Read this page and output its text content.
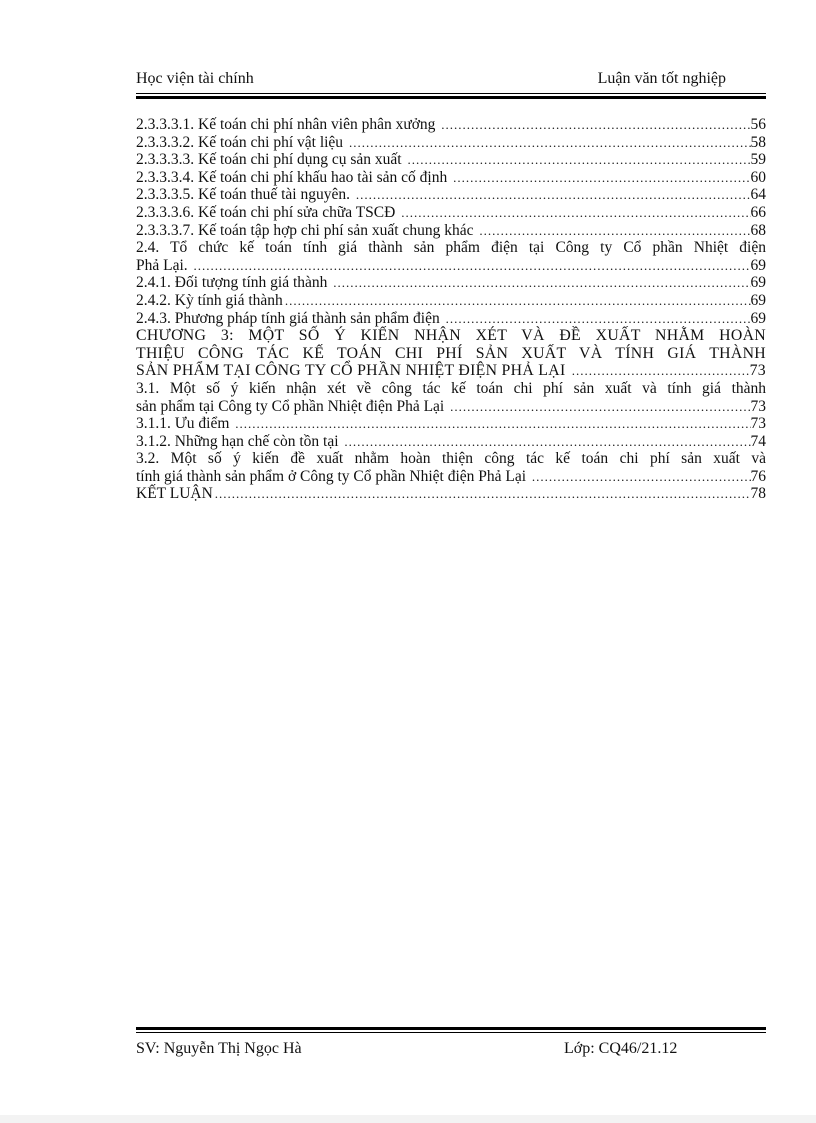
Học viện tài chính	Luận văn tốt nghiệp
2.3.3.3.1. Kế toán chi phí nhân viên phân xưởng .....	56
2.3.3.3.2. Kế toán chi phí vật liệu .....	58
2.3.3.3.3. Kế toán chi phí dụng cụ sản xuất .....	59
2.3.3.3.4. Kế toán chi phí khấu hao tài sản cố định .....	60
2.3.3.3.5. Kế toán thuế tài nguyên. .....	64
2.3.3.3.6. Kế toán chi phí sửa chữa TSCĐ .....	66
2.3.3.3.7. Kế toán tập hợp chi phí sản xuất chung khác .....	68
2.4. Tổ chức kế toán tính giá thành sản phẩm điện tại Công ty Cổ phần Nhiệt điện
Phả Lại. .....	69
2.4.1. Đối tượng tính giá thành .....	69
2.4.2. Kỳ tính giá thành .....	69
2.4.3. Phương pháp tính giá thành sản phẩm điện .....	69
CHƯƠNG 3: MỘT SỐ Ý KIẾN NHẬN XÉT VÀ ĐỀ XUẤT NHẰM HOÀN
THIỆU CÔNG TÁC KẾ TOÁN CHI PHÍ SẢN XUẤT VÀ TÍNH GIÁ THÀNH
SẢN PHẨM TẠI CÔNG TY CỔ PHẦN NHIỆT ĐIỆN PHẢ LẠI .....	73
3.1. Một số ý kiến nhận xét về công tác kế toán chi phí sản xuất và tính giá thành
sản phẩm tại Công ty Cổ phần Nhiệt điện Phả Lại .....	73
3.1.1. Ưu điểm .....	73
3.1.2. Những hạn chế còn tồn tại .....	74
3.2. Một số ý kiến đề xuất nhằm hoàn thiện công tác kế toán chi phí sản xuất và
tính giá thành sản phẩm ở Công ty Cổ phần Nhiệt điện Phả Lại .....	76
KẾT LUẬN .....	78
SV: Nguyễn Thị Ngọc Hà	Lớp: CQ46/21.12
